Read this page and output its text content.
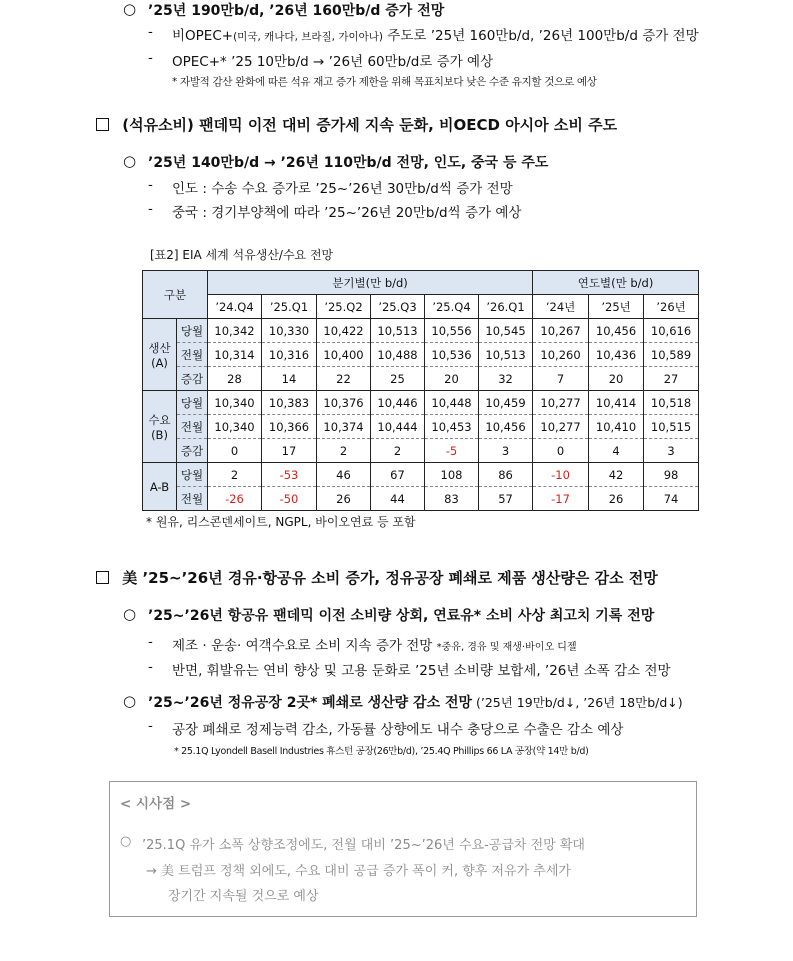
○ ’25년 190만b/d, ’26년 160만b/d 증가 전망
- 비OPEC+(미국, 캐나다, 브라질, 가이아나) 주도로 ’25년 160만b/d, ’26년 100만b/d 증가 전망
- OPEC+* ’25 10만b/d → ’26년 60만b/d로 증가 예상
* 자발적 감산 완화에 따른 석유 재고 증가 제한을 위해 목표치보다 낮은 수준 유지할 것으로 예상
(석유소비) 팬데믹 이전 대비 증가세 지속 둔화, 비OECD 아시아 소비 주도
○ ’25년 140만b/d → ’26년 110만b/d 전망, 인도, 중국 등 주도
- 인도 : 수송 수요 증가로 ’25~’26년 30만b/d씩 증가 전망
- 중국 : 경기부양책에 따라 ’25~’26년 20만b/d씩 증가 예상
[표2] EIA 세계 석유생산/수요 전망
구분		분기별(만 b/d)						연도별(만 b/d)		
		’24.Q4	’25.Q1	’25.Q2	’25.Q3	’25.Q4	’26.Q1	’24년	’25년	’26년

생산
(A)	당월	10,342	10,330	10,422	10,513	10,556	10,545	10,267	10,456	10,616
	전월	10,314	10,316	10,400	10,488	10,536	10,513	10,260	10,436	10,589
	증감	28	14	22	25	20	32	7	20	27

수요
(B)	당월	10,340	10,383	10,376	10,446	10,448	10,459	10,277	10,414	10,518
	전월	10,340	10,366	10,374	10,444	10,453	10,456	10,277	10,410	10,515
	증감	0	17	2	2	-5	3	0	4	3

A-B	당월	2	-53	46	67	108	86	-10	42	98
	전월	-26	-50	26	44	83	57	-17	26	74
* 원유, 리스콘덴세이트, NGPL, 바이오연료 등 포함
美 ’25~’26년 경유·항공유 소비 증가, 정유공장 폐쇄로 제품 생산량은 감소 전망
○ ’25~’26년 항공유 팬데믹 이전 소비량 상회, 연료유* 소비 사상 최고치 기록 전망
- 제조 · 운송· 여객수요로 소비 지속 증가 전망 *중유, 경유 및 재생·바이오 디젤
- 반면, 휘발유는 연비 향상 및 고용 둔화로 ’25년 소비량 보합세, ’26년 소폭 감소 전망
○ ’25~’26년 정유공장 2곳* 폐쇄로 생산량 감소 전망 (’25년 19만b/d↓, ’26년 18만b/d↓)
- 공장 폐쇄로 정제능력 감소, 가동률 상향에도 내수 충당으로 수출은 감소 예상
* 25.1Q Lyondell Basell Industries 휴스턴 공장(26만b/d), ’25.4Q Phillips 66 LA 공장(약 14만 b/d)
< 시사점 >
○ ’25.1Q 유가 소폭 상향조정에도, 전월 대비 ’25~’26년 수요-공급차 전망 확대
→ 美 트럼프 정책 외에도, 수요 대비 공급 증가 폭이 커, 향후 저유가 추세가
장기간 지속될 것으로 예상
